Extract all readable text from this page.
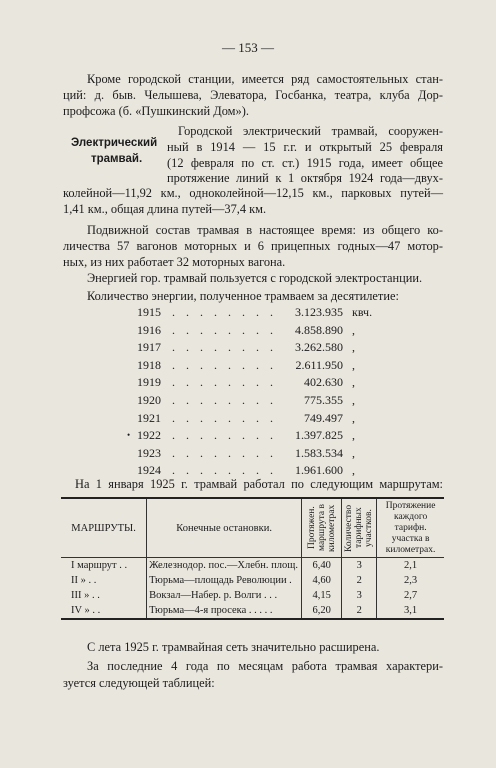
— 153 —
Кроме городской станции, имеется ряд самостоятельных стан-
ций: д. быв. Челышева, Элеватора, Госбанка, театра, клуба Дор-
профсожа (б. «Пушкинский Дом»).
Электрический
трамвай.
Городской электрический трамвай, сооружен-
ный в 1914 — 15 г.г. и открытый 25 февраля
(12 февраля по ст. ст.) 1915 года, имеет общее
протяжение линий к 1 октября 1924 года—двух-
колейной—11,92 км., одноколейной—12,15 км., парковых путей—
1,41 км., общая длина путей—37,4 км.
Подвижной состав трамвая в настоящее время: из общего ко-
личества 57 вагонов моторных и 6 прицепных годных—47 мотор-
ных, из них работает 32 моторных вагона.
Энергией гор. трамвай пользуется с городской электростанции.
Количество энергии, полученное трамваем за десятилетие:
1915 . . . . . . . . 3.123.935 квч.
1916 . . . . . . . . 4.858.890 ,
1917 . . . . . . . . 3.262.580 ,
1918 . . . . . . . . 2.611.950 ,
1919 . . . . . . . . 402.630 ,
1920 . . . . . . . . 775.355 ,
1921 . . . . . . . . 749.497 ,
1922 . . . . . . . . 1.397.825 ,
•
1923 . . . . . . . . 1.583.534 ,
1924 . . . . . . . . 1.961.600 ,
На 1 января 1925 г. трамвай работал по следующим маршрутам:
МАРШРУТЫ.	Конечные остановки.	Протяжен. маршрута в километрах	Количество тарифных участков.	Протяжение каждого тарифн. участка в километрах.
I маршрут . .	Железнодор. пос.—Хлебн. площ.	6,40	3	2,1
II » . .	Тюрьма—площадь Революции .	4,60	2	2,3
III » . .	Вокзал—Набер. р. Волги . . .	4,15	3	2,7
IV » . .	Тюрьма—4-я просека . . . . .	6,20	2	3,1
С лета 1925 г. трамвайная сеть значительно расширена.
За последние 4 года по месяцам работа трамвая характери-
зуется следующей таблицей:
